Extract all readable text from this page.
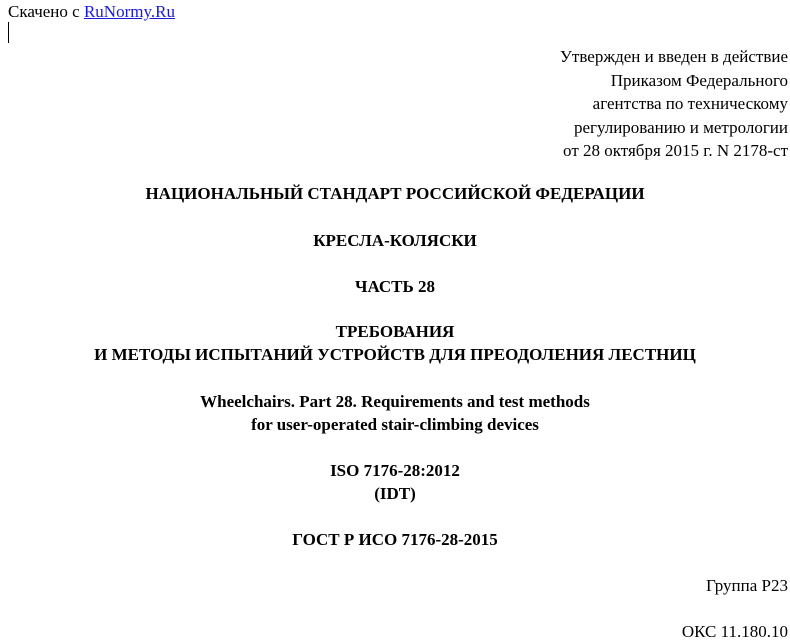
Скачено с RuNormy.Ru
Утвержден и введен в действие
Приказом Федерального
агентства по техническому
регулированию и метрологии
от 28 октября 2015 г. N 2178-ст
НАЦИОНАЛЬНЫЙ СТАНДАРТ РОССИЙСКОЙ ФЕДЕРАЦИИ
КРЕСЛА-КОЛЯСКИ
ЧАСТЬ 28
ТРЕБОВАНИЯ
И МЕТОДЫ ИСПЫТАНИЙ УСТРОЙСТВ ДЛЯ ПРЕОДОЛЕНИЯ ЛЕСТНИЦ
Wheelchairs. Part 28. Requirements and test methods
for user-operated stair-climbing devices
ISO 7176-28:2012
(IDT)
ГОСТ Р ИСО 7176-28-2015
Группа Р23
ОКС 11.180.10
